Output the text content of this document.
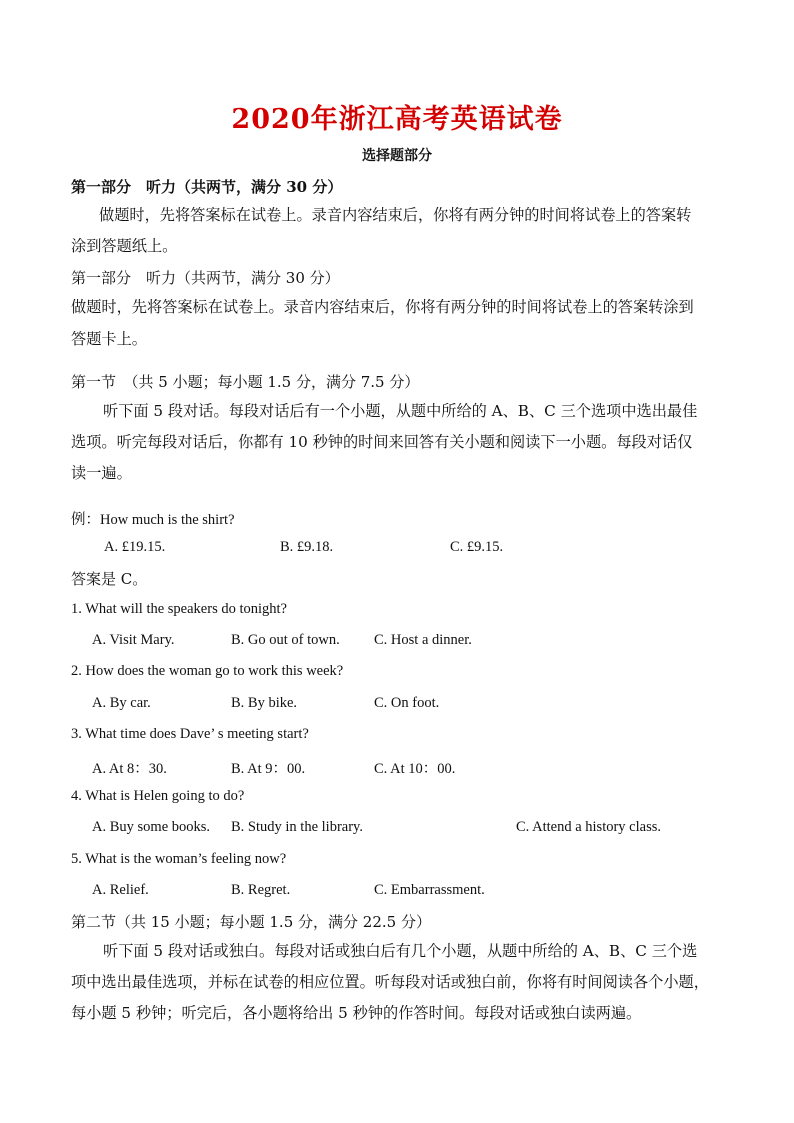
2020年浙江高考英语试卷
选择题部分
第一部分　听力（共两节，满分 30 分）
做题时，先将答案标在试卷上。录音内容结束后，你将有两分钟的时间将试卷上的答案转
涂到答题纸上。
第一部分　听力（共两节，满分 30 分）
做题时，先将答案标在试卷上。录音内容结束后，你将有两分钟的时间将试卷上的答案转涂到
答题卡上。
第一节　（共 5 小题；每小题 1.5 分，满分 7.5 分）
听下面 5 段对话。每段对话后有一个小题，从题中所给的 A、B、C 三个选项中选出最佳
选项。听完每段对话后，你都有 10 秒钟的时间来回答有关小题和阅读下一小题。每段对话仅
读一遍。
例：How much is the shirt?
A. £19.15.	B. £9.18.	C. £9.15.
答案是 C。
1. What will the speakers do tonight?
A. Visit Mary.	B. Go out of town. C. Host a dinner.
2. How does the woman go to work this week?
A. By car.	B. By bike.	C. On foot.
3. What time does Dave’ s meeting start?
A. At 8：30.	B. At 9：00.	C. At 10：00.
4. What is Helen going to do?
A. Buy some books. B. Study in the library.	C. Attend a history class.
5. What is the woman’s feeling now?
A. Relief.	B. Regret.	C. Embarrassment.
第二节（共 15 小题；每小题 1.5 分，满分 22.5 分）
听下面 5 段对话或独白。每段对话或独白后有几个小题，从题中所给的 A、B、C 三个选
项中选出最佳选项，并标在试卷的相应位置。听每段对话或独白前，你将有时间阅读各个小题，
每小题 5 秒钟；听完后，各小题将给出 5 秒钟的作答时间。每段对话或独白读两遍。
